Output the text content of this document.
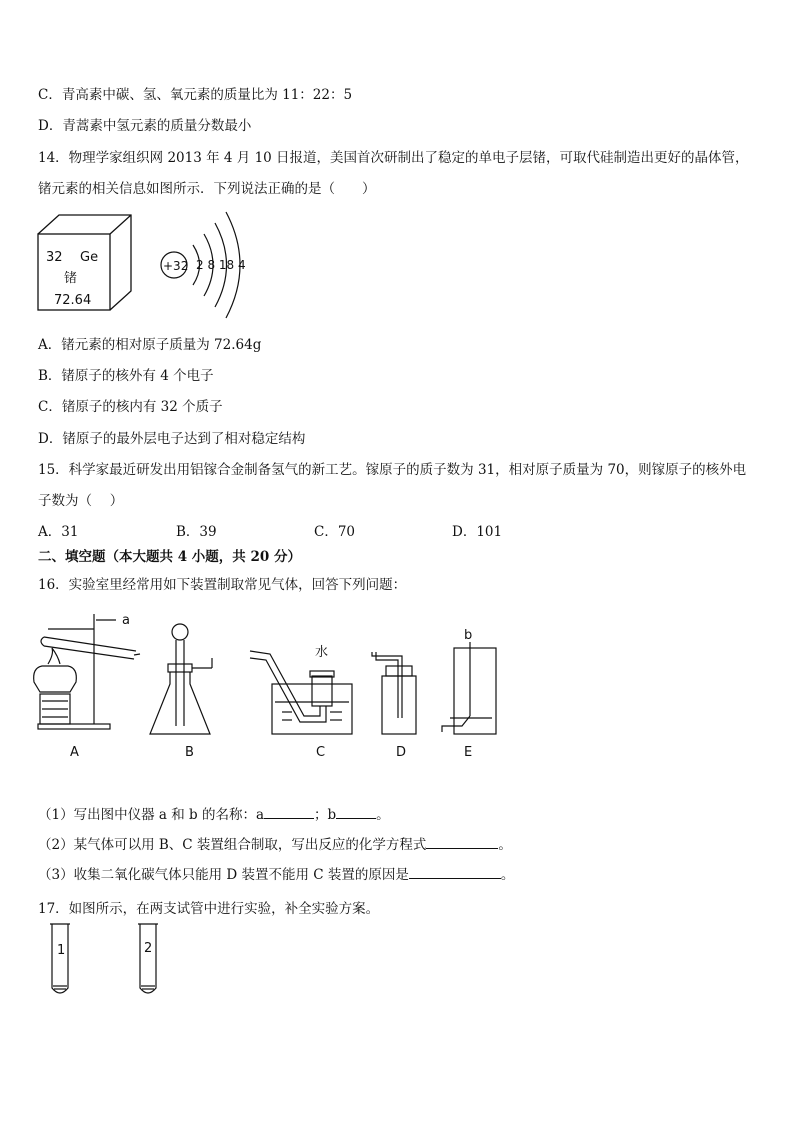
C．青高素中碳、氢、氧元素的质量比为 11：22：5
D．青蒿素中氢元素的质量分数最小
14．物理学家组织网 2013 年 4 月 10 日报道，美国首次研制出了稳定的单电子层锗，可取代硅制造出更好的晶体管，
锗元素的相关信息如图所示．下列说法正确的是（　　）
32 Ge
锗
72.64
+32 2 8 18 4
A．锗元素的相对原子质量为 72.64g
B．锗原子的核外有 4 个电子
C．锗原子的核内有 32 个质子
D．锗原子的最外层电子达到了相对稳定结构
15．科学家最近研发出用铝镓合金制备氢气的新工艺。镓原子的质子数为 31，相对原子质量为 70，则镓原子的核外电
子数为（　 ）
A．31	B．39	C．70	D．101
二、填空题（本大题共 4 小题，共 20 分）
16．实验室里经常用如下装置制取常见气体，回答下列问题：
a
水
b
A	B	C	D	E
（1）写出图中仪器 a 和 b 的名称：a	；b	。
（2）某气体可以用 B、C 装置组合制取，写出反应的化学方程式	。
（3）收集二氧化碳气体只能用 D 装置不能用 C 装置的原因是	。
17．如图所示，在两支试管中进行实验，补全实验方案。
1	2
